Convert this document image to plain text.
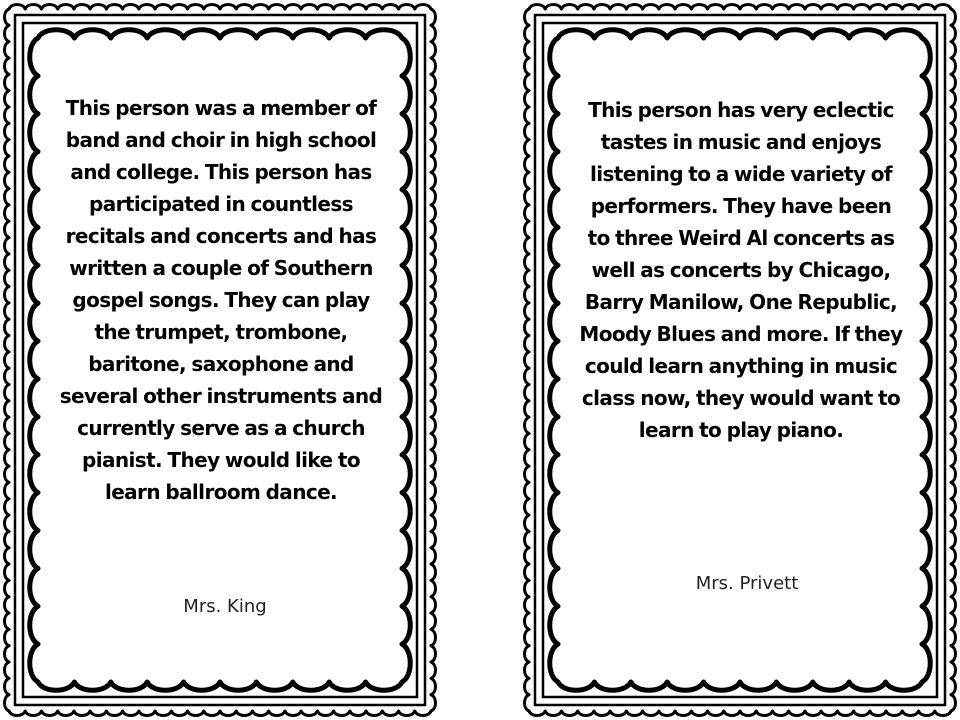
This person was a member of band and choir in high school and college. This person has participated in countless recitals and concerts and has written a couple of Southern gospel songs. They can play the trumpet, trombone, baritone, saxophone and several other instruments and currently serve as a church pianist. They would like to learn ballroom dance.

Mrs. King

This person has very eclectic tastes in music and enjoys listening to a wide variety of performers. They have been to three Weird Al concerts as well as concerts by Chicago, Barry Manilow, One Republic, Moody Blues and more. If they could learn anything in music class now, they would want to learn to play piano.

Mrs. Privett
